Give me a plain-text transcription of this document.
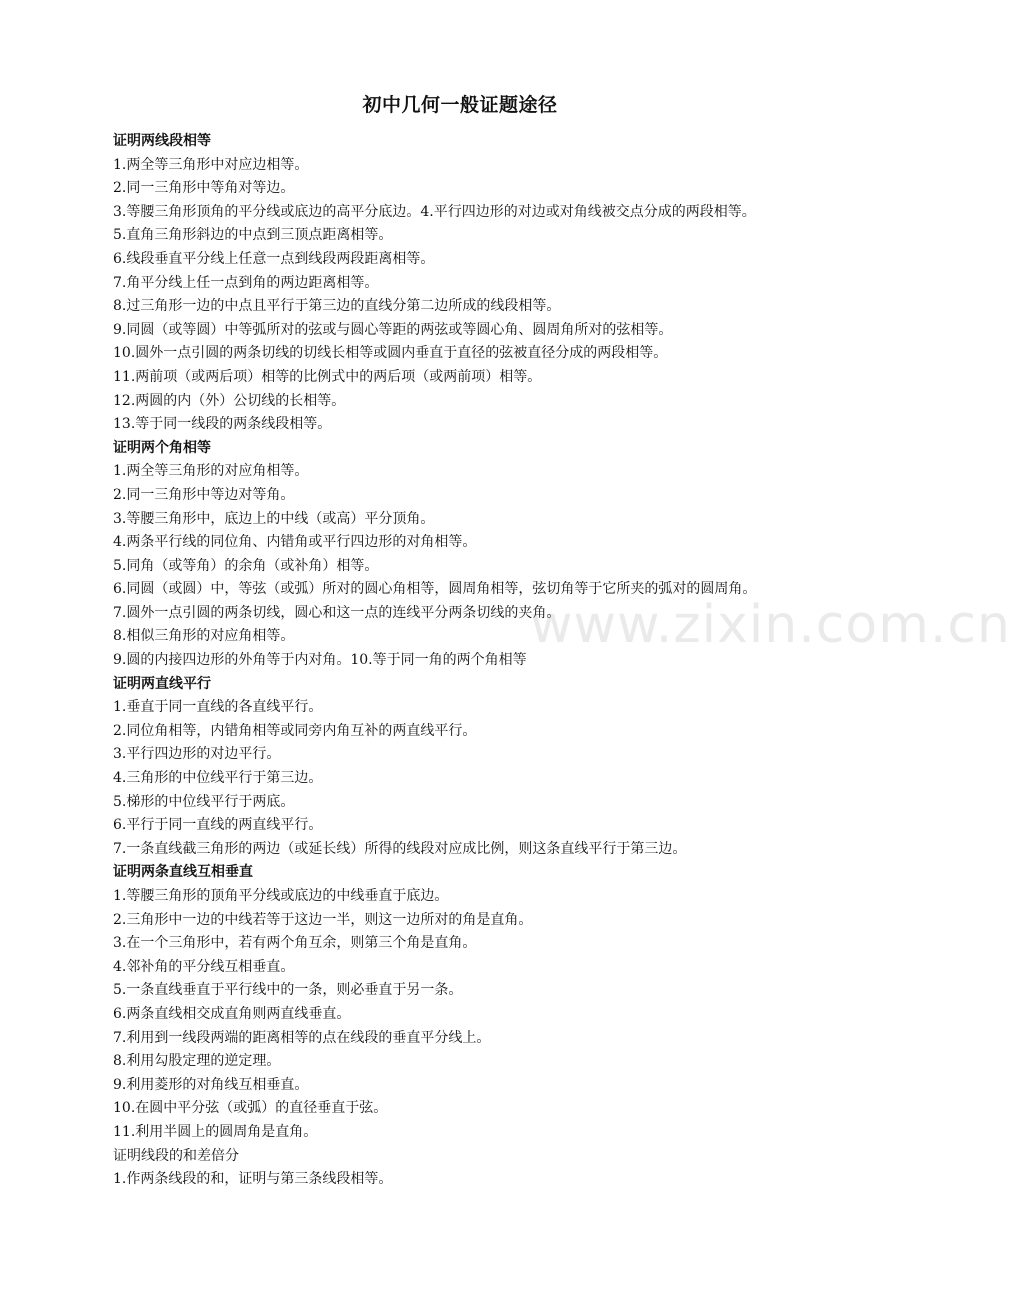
初中几何一般证题途径
www.zixin.com.cn
证明两线段相等
1.两全等三角形中对应边相等。
2.同一三角形中等角对等边。
3.等腰三角形顶角的平分线或底边的高平分底边。4.平行四边形的对边或对角线被交点分成的两段相等。
5.直角三角形斜边的中点到三顶点距离相等。
6.线段垂直平分线上任意一点到线段两段距离相等。
7.角平分线上任一点到角的两边距离相等。
8.过三角形一边的中点且平行于第三边的直线分第二边所成的线段相等。
9.同圆（或等圆）中等弧所对的弦或与圆心等距的两弦或等圆心角、圆周角所对的弦相等。
10.圆外一点引圆的两条切线的切线长相等或圆内垂直于直径的弦被直径分成的两段相等。
11.两前项（或两后项）相等的比例式中的两后项（或两前项）相等。
12.两圆的内（外）公切线的长相等。
13.等于同一线段的两条线段相等。
证明两个角相等
1.两全等三角形的对应角相等。
2.同一三角形中等边对等角。
3.等腰三角形中，底边上的中线（或高）平分顶角。
4.两条平行线的同位角、内错角或平行四边形的对角相等。
5.同角（或等角）的余角（或补角）相等。
6.同圆（或圆）中，等弦（或弧）所对的圆心角相等，圆周角相等，弦切角等于它所夹的弧对的圆周角。
7.圆外一点引圆的两条切线，圆心和这一点的连线平分两条切线的夹角。
8.相似三角形的对应角相等。
9.圆的内接四边形的外角等于内对角。10.等于同一角的两个角相等
证明两直线平行
1.垂直于同一直线的各直线平行。
2.同位角相等，内错角相等或同旁内角互补的两直线平行。
3.平行四边形的对边平行。
4.三角形的中位线平行于第三边。
5.梯形的中位线平行于两底。
6.平行于同一直线的两直线平行。
7.一条直线截三角形的两边（或延长线）所得的线段对应成比例，则这条直线平行于第三边。
证明两条直线互相垂直
1.等腰三角形的顶角平分线或底边的中线垂直于底边。
2.三角形中一边的中线若等于这边一半，则这一边所对的角是直角。
3.在一个三角形中，若有两个角互余，则第三个角是直角。
4.邻补角的平分线互相垂直。
5.一条直线垂直于平行线中的一条，则必垂直于另一条。
6.两条直线相交成直角则两直线垂直。
7.利用到一线段两端的距离相等的点在线段的垂直平分线上。
8.利用勾股定理的逆定理。
9.利用菱形的对角线互相垂直。
10.在圆中平分弦（或弧）的直径垂直于弦。
11.利用半圆上的圆周角是直角。
证明线段的和差倍分
1.作两条线段的和，证明与第三条线段相等。
